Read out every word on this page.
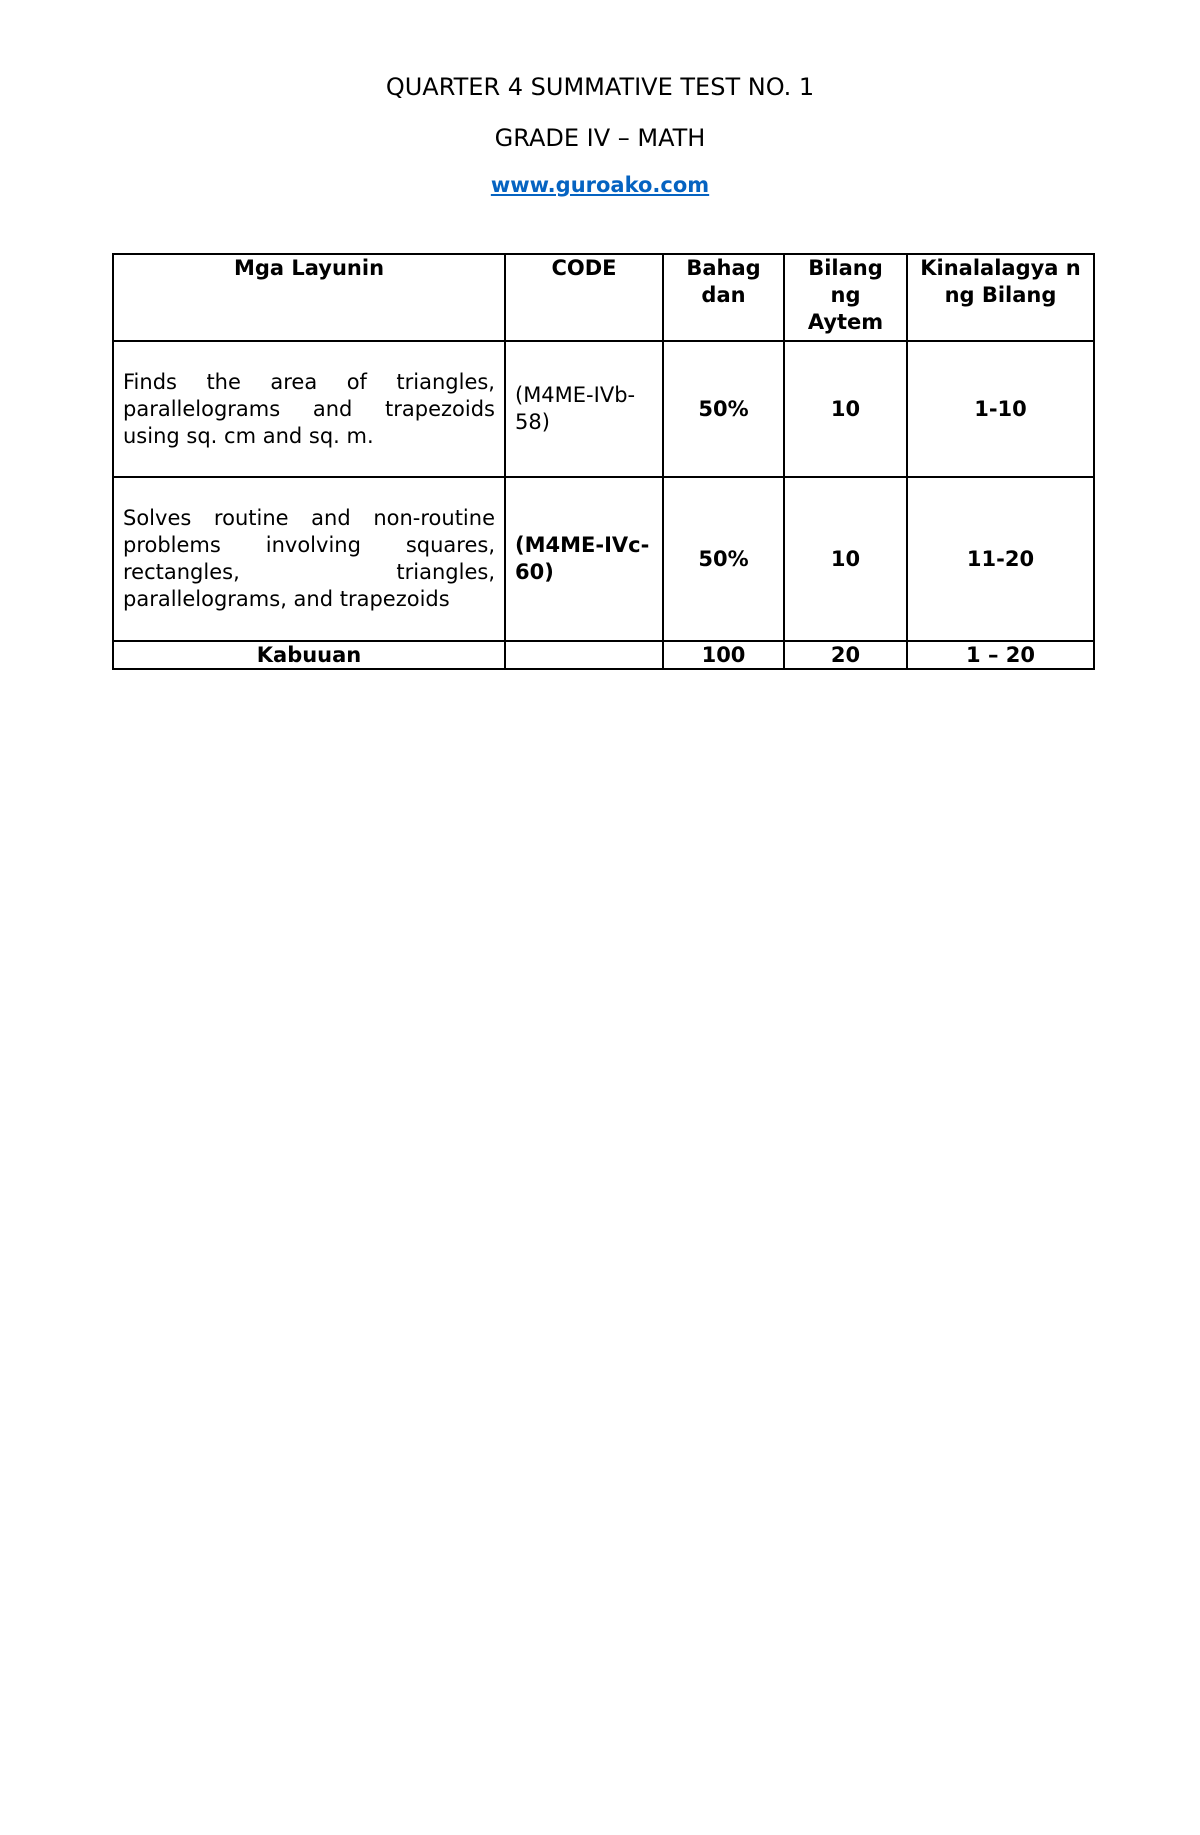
QUARTER 4 SUMMATIVE TEST NO. 1
GRADE IV – MATH
www.guroako.com
Mga Layunin	CODE	Bahag dan	Bilang ng Aytem	Kinalalagya n ng Bilang
Finds the area of triangles, parallelograms and trapezoids using sq. cm and sq. m.	(M4ME-IVb-58)	50%	10	1-10
Solves routine and non-routine problems involving squares, rectangles, triangles, parallelograms, and trapezoids	(M4ME-IVc-60)	50%	10	11-20
Kabuuan		100	20	1 – 20
